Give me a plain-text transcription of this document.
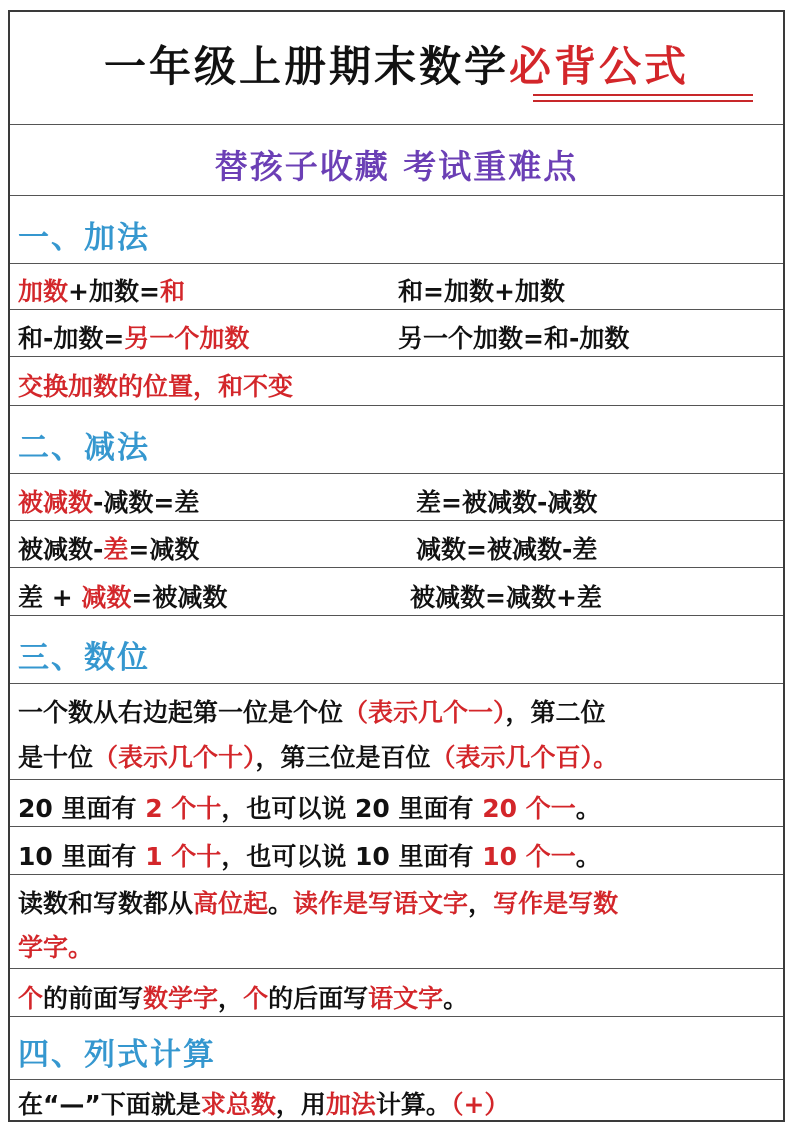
一年级上册期末数学必背公式
替孩子收藏 考试重难点
一、加法
加数+加数=和	和=加数+加数
和-加数=另一个加数	另一个加数=和-加数
交换加数的位置，和不变
二、减法
被减数-减数=差	差=被减数-减数
被减数-差=减数	减数=被减数-差
差 + 减数=被减数	被减数=减数+差
三、数位
一个数从右边起第一位是个位（表示几个一），第二位
是十位（表示几个十），第三位是百位（表示几个百）。
20 里面有 2 个十，也可以说 20 里面有 20 个一。
10 里面有 1 个十，也可以说 10 里面有 10 个一。
读数和写数都从高位起。读作是写语文字，写作是写数
学字。
个的前面写数学字，个的后面写语文字。
四、列式计算
在“—”下面就是求总数，用加法计算。（+）
